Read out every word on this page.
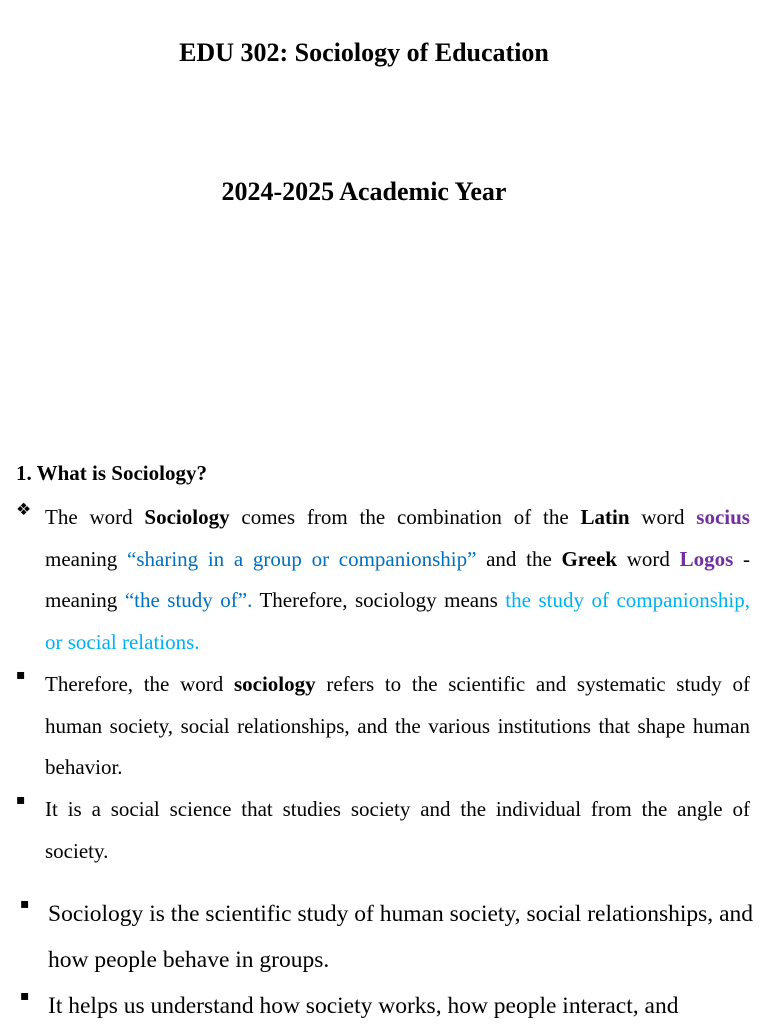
EDU 302: Sociology of Education
2024-2025 Academic Year
1. What is Sociology?
❖ The word Sociology comes from the combination of the Latin word socius meaning “sharing in a group or companionship” and the Greek word Logos - meaning “the study of”. Therefore, sociology means the study of companionship, or social relations.

▪ Therefore, the word sociology refers to the scientific and systematic study of human society, social relationships, and the various institutions that shape human behavior.

▪ It is a social science that studies society and the individual from the angle of society.

▪ Sociology is the scientific study of human society, social relationships, and how people behave in groups.

▪ It helps us understand how society works, how people interact, and
